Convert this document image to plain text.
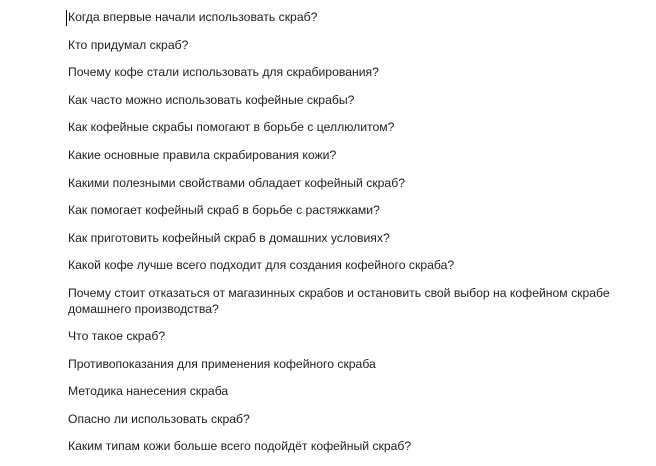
Когда впервые начали использовать скраб?

Кто придумал скраб?

Почему кофе стали использовать для скрабирования?

Как часто можно использовать кофейные скрабы?

Как кофейные скрабы помогают в борьбе с целлюлитом?

Какие основные правила скрабирования кожи?

Какими полезными свойствами обладает кофейный скраб?

Как помогает кофейный скраб в борьбе с растяжками?

Как приготовить кофейный скраб в домашних условиях?

Какой кофе лучше всего подходит для создания кофейного скраба?

Почему стоит отказаться от магазинных скрабов и остановить свой выбор на кофейном скрабе домашнего производства?

Что такое скраб?

Противопоказания для применения кофейного скраба

Методика нанесения скраба

Опасно ли использовать скраб?

Каким типам кожи больше всего подойдёт кофейный скраб?
